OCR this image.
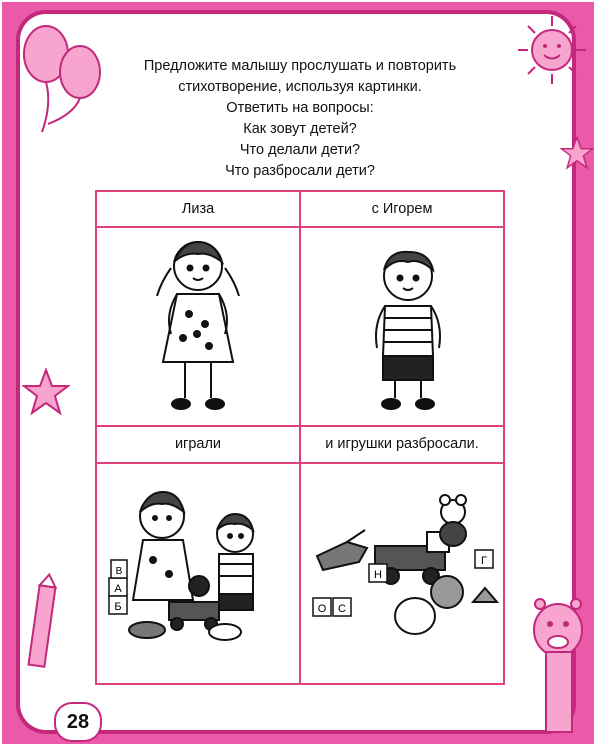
Предложите малышу прослушать и повторить
стихотворение, используя картинки.
Ответить на вопросы:
Как зовут детей?
Что делали дети?
Что разбросали дети?
Лиза	с Игорем
играли	и игрушки разбросали.
А
Б
В	Н
Г
О С
28
